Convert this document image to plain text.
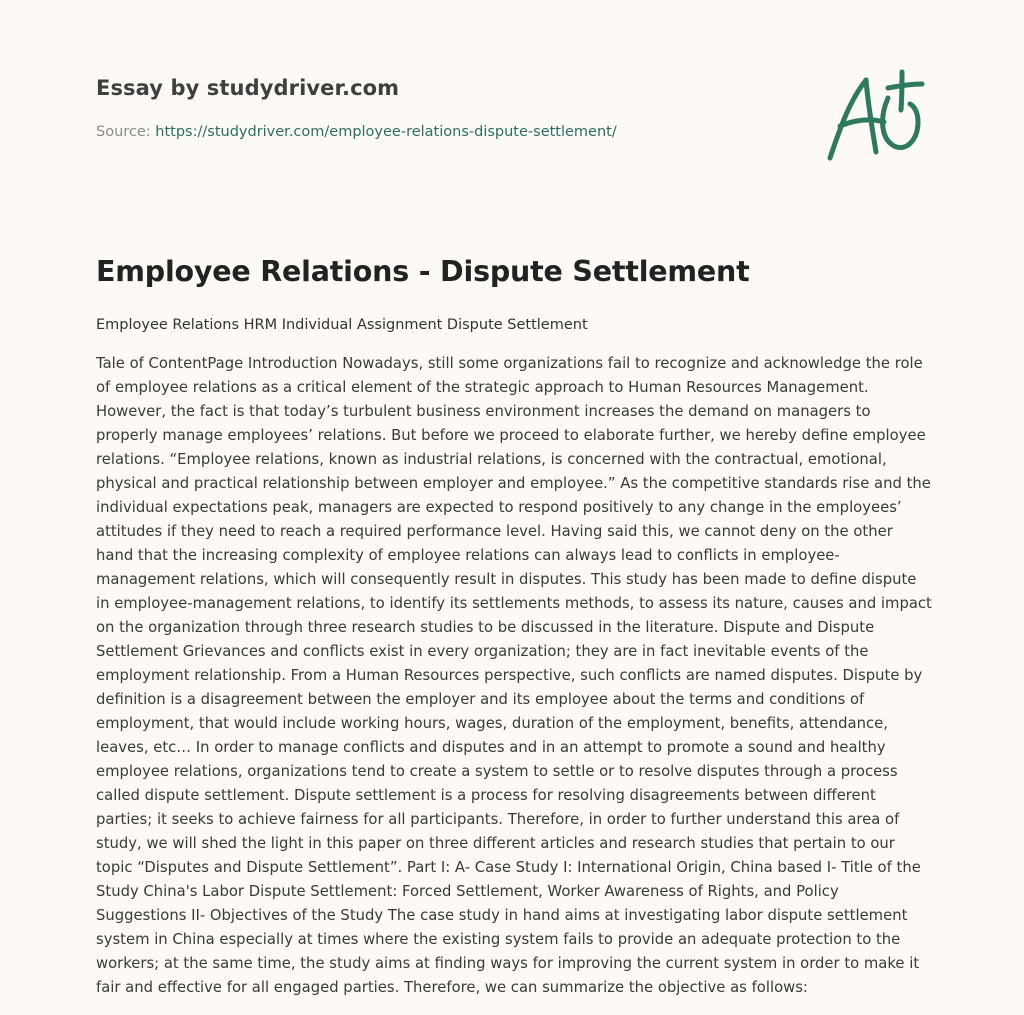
Essay by studydriver.com
Source: https://studydriver.com/employee-relations-dispute-settlement/
Employee Relations - Dispute Settlement
Employee Relations HRM Individual Assignment Dispute Settlement

Tale of ContentPage Introduction Nowadays, still some organizations fail to recognize and acknowledge the role of employee relations as a critical element of the strategic approach to Human Resources Management. However, the fact is that today’s turbulent business environment increases the demand on managers to properly manage employees’ relations. But before we proceed to elaborate further, we hereby define employee relations. “Employee relations, known as industrial relations, is concerned with the contractual, emotional, physical and practical relationship between employer and employee.” As the competitive standards rise and the individual expectations peak, managers are expected to respond positively to any change in the employees’ attitudes if they need to reach a required performance level. Having said this, we cannot deny on the other hand that the increasing complexity of employee relations can always lead to conflicts in employee-management relations, which will consequently result in disputes. This study has been made to define dispute in employee-management relations, to identify its settlements methods, to assess its nature, causes and impact on the organization through three research studies to be discussed in the literature. Dispute and Dispute Settlement Grievances and conflicts exist in every organization; they are in fact inevitable events of the employment relationship. From a Human Resources perspective, such conflicts are named disputes. Dispute by definition is a disagreement between the employer and its employee about the terms and conditions of employment, that would include working hours, wages, duration of the employment, benefits, attendance, leaves, etc… In order to manage conflicts and disputes and in an attempt to promote a sound and healthy employee relations, organizations tend to create a system to settle or to resolve disputes through a process called dispute settlement. Dispute settlement is a process for resolving disagreements between different parties; it seeks to achieve fairness for all participants. Therefore, in order to further understand this area of study, we will shed the light in this paper on three different articles and research studies that pertain to our topic “Disputes and Dispute Settlement”. Part I: A- Case Study I: International Origin, China based I- Title of the Study China's Labor Dispute Settlement: Forced Settlement, Worker Awareness of Rights, and Policy Suggestions II- Objectives of the Study The case study in hand aims at investigating labor dispute settlement system in China especially at times where the existing system fails to provide an adequate protection to the workers; at the same time, the study aims at finding ways for improving the current system in order to make it fair and effective for all engaged parties. Therefore, we can summarize the objective as follows:
